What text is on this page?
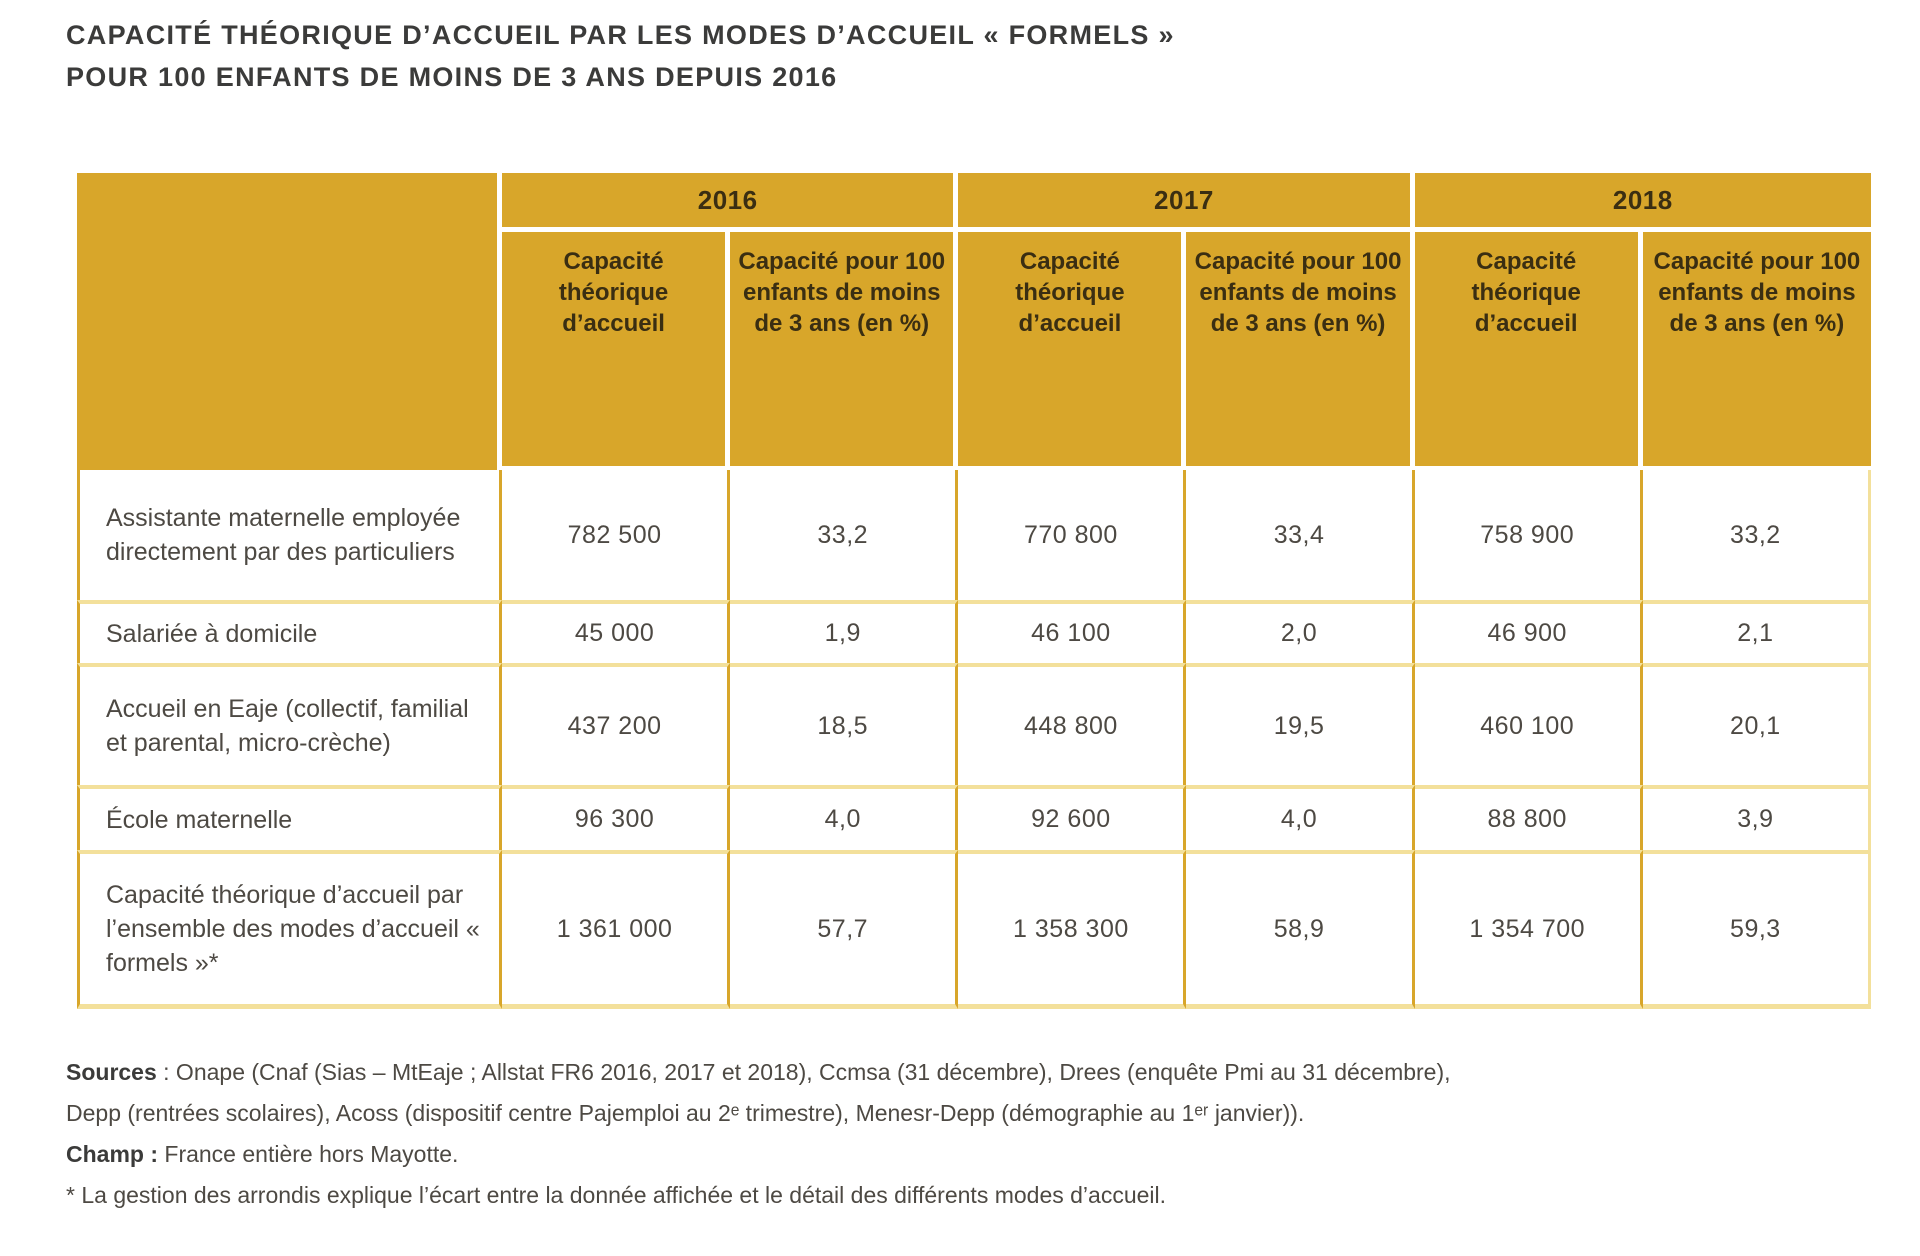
CAPACITÉ THÉORIQUE D’ACCUEIL PAR LES MODES D’ACCUEIL « FORMELS »
POUR 100 ENFANTS DE MOINS DE 3 ANS DEPUIS 2016
	2016		2017		2018	
	Capacité théorique d’accueil	Capacité pour 100 enfants de moins de 3 ans (en %)	Capacité théorique d’accueil	Capacité pour 100 enfants de moins de 3 ans (en %)	Capacité théorique d’accueil	Capacité pour 100 enfants de moins de 3 ans (en %)
Assistante maternelle employée directement par des particuliers	782 500	33,2	770 800	33,4	758 900	33,2
Salariée à domicile	45 000	1,9	46 100	2,0	46 900	2,1
Accueil en Eaje (collectif, familial et parental, micro-crèche)	437 200	18,5	448 800	19,5	460 100	20,1
École maternelle	96 300	4,0	92 600	4,0	88 800	3,9
Capacité théorique d’accueil par l’ensemble des modes d’accueil « formels »*	1 361 000	57,7	1 358 300	58,9	1 354 700	59,3
Sources : Onape (Cnaf (Sias – MtEaje ; Allstat FR6 2016, 2017 et 2018), Ccmsa (31 décembre), Drees (enquête Pmi au 31 décembre),
Depp (rentrées scolaires), Acoss (dispositif centre Pajemploi au 2ᵉ trimestre), Menesr-Depp (démographie au 1ᵉʳ janvier)).
Champ : France entière hors Mayotte.
* La gestion des arrondis explique l’écart entre la donnée affichée et le détail des différents modes d’accueil.
